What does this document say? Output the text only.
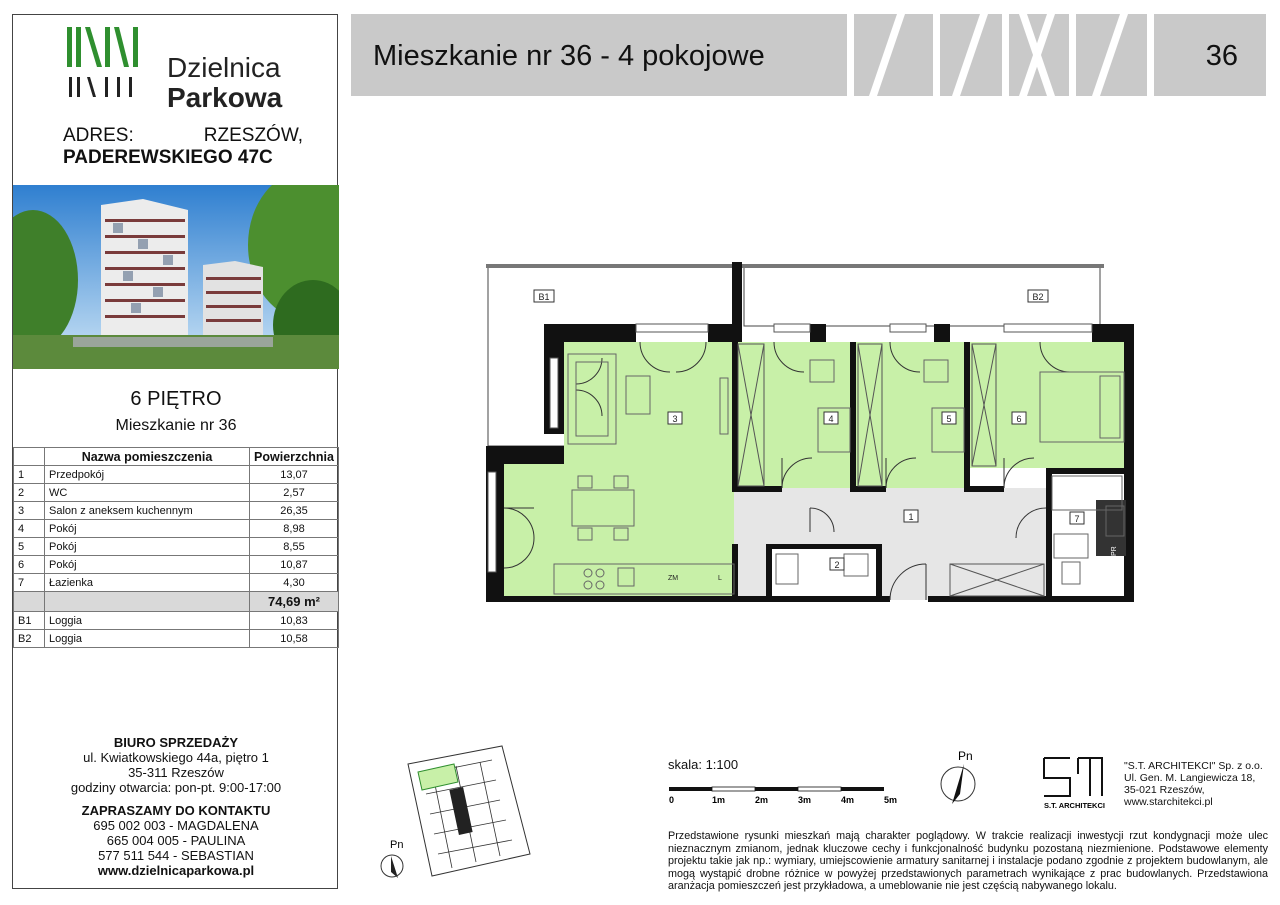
Dzielnica
Parkowa
ADRES:	RZESZÓW,
PADEREWSKIEGO 47C
6 PIĘTRO
Mieszkanie nr 36
	Nazwa pomieszczenia	Powierzchnia
1	Przedpokój	13,07
2	WC	2,57
3	Salon z aneksem kuchennym	26,35
4	Pokój	8,98
5	Pokój	8,55
6	Pokój	10,87
7	Łazienka	4,30
		74,69 m²
B1	Loggia	10,83
B2	Loggia	10,58
BIURO SPRZEDAŻY
ul. Kwiatkowskiego 44a, piętro 1
35-311 Rzeszów
godziny otwarcia: pon-pt. 9:00-17:00
ZAPRASZAMY DO KONTAKTU
695 002 003 - MAGDALENA
665 004 005 - PAULINA
577 511 544 - SEBASTIAN
www.dzielnicaparkowa.pl
Mieszkanie nr 36 - 4 pokojowe	36
B1	B2
1
2
3	4	5	6
7
ZM	L
PR
Pn
skala: 1:100
0	1m	2m	3m	4m	5m
Pn
S.T. ARCHITEKCI
"S.T. ARCHITEKCI" Sp. z o.o.
Ul. Gen. M. Langiewicza 18,
35-021 Rzeszów,
www.starchitekci.pl
Przedstawione rysunki mieszkań mają charakter poglądowy. W trakcie realizacji inwestycji rzut kondygnacji może ulec nieznacznym zmianom, jednak kluczowe cechy i funkcjonalność budynku pozostaną niezmienione. Podstawowe elementy projektu takie jak np.: wymiary, umiejscowienie armatury sanitarnej i instalacje podano zgodnie z projektem budowlanym, ale mogą wystąpić drobne różnice w powyżej przedstawionych parametrach wynikające z prac budowlanych. Przedstawiona aranżacja pomieszczeń jest przykładowa, a umeblowanie nie jest częścią nabywanego lokalu.
